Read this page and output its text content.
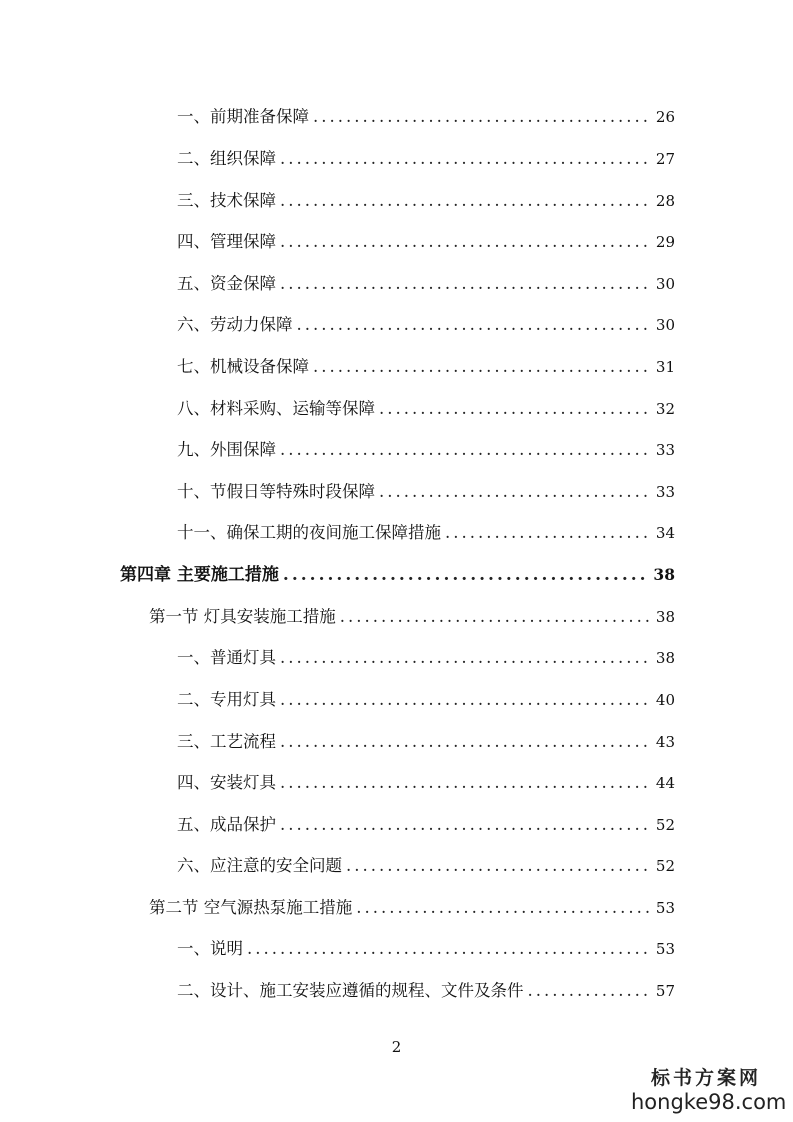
一、前期准备保障 .....	26
二、组织保障 .....	27
三、技术保障 .....	28
四、管理保障 .....	29
五、资金保障 .....	30
六、劳动力保障 .....	30
七、机械设备保障 .....	31
八、材料采购、运输等保障 .....	32
九、外围保障 .....	33
十、节假日等特殊时段保障 .....	33
十一、确保工期的夜间施工保障措施 .....	34
第四章 主要施工措施 .....	38
第一节 灯具安装施工措施 .....	38
一、普通灯具 .....	38
二、专用灯具 .....	40
三、工艺流程 .....	43
四、安装灯具 .....	44
五、成品保护 .....	52
六、应注意的安全问题 .....	52
第二节 空气源热泵施工措施 .....	53
一、说明 .....	53
二、设计、施工安装应遵循的规程、文件及条件 .....	57
2
标书方案网
hongke98.com
